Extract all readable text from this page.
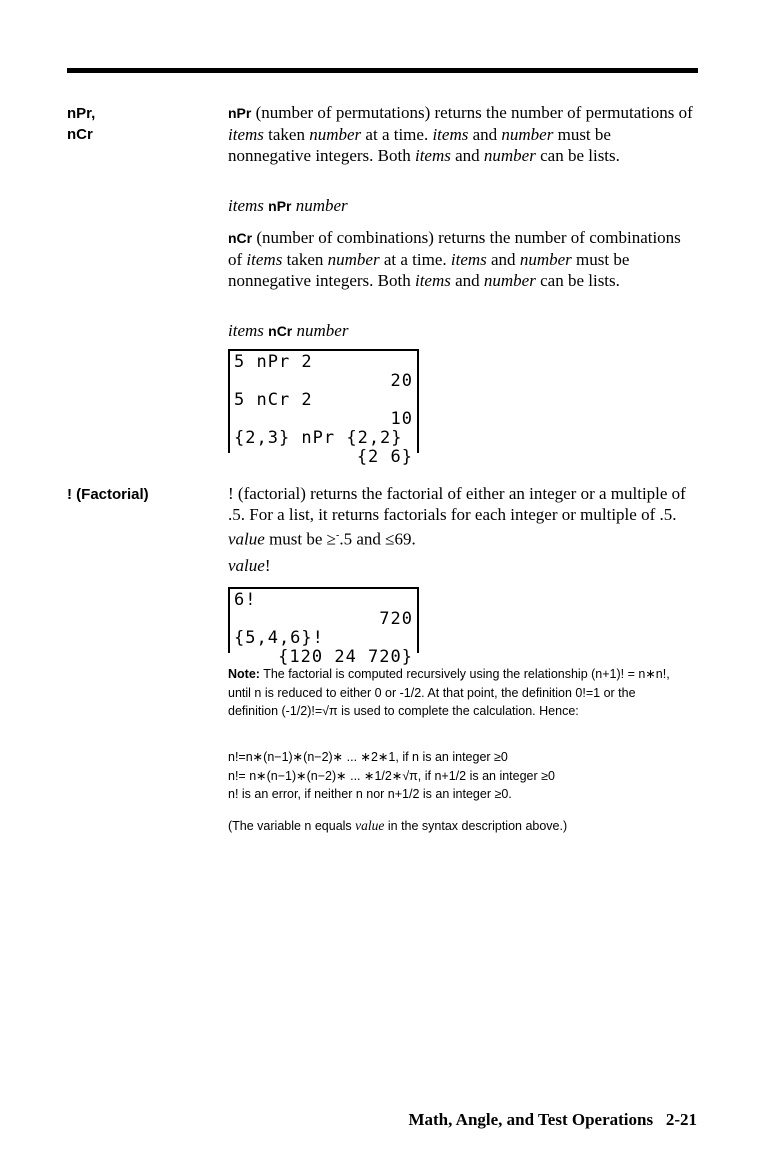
nPr,
nCr
nPr (number of permutations) returns the number of permutations of items taken number at a time. items and number must be nonnegative integers. Both items and number can be lists.
items nPr number
nCr (number of combinations) returns the number of combinations of items taken number at a time. items and number must be nonnegative integers. Both items and number can be lists.
items nCr number
5 nPr 2
20
5 nCr 2
10
{2,3} nPr {2,2}
{2 6}
! (Factorial)	! (factorial) returns the factorial of either an integer or a multiple of .5. For a list, it returns factorials for each integer or multiple of .5. value must be ≥-.5 and ≤69.
value!
6!
720
{5,4,6}!
{120 24 720}
Note: The factorial is computed recursively using the relationship (n+1)! = n∗n!, until n is reduced to either 0 or -1/2. At that point, the definition 0!=1 or the definition (-1/2)!=√π is used to complete the calculation. Hence:
n!=n∗(n−1)∗(n−2)∗ ... ∗2∗1, if n is an integer ≥0
n!= n∗(n−1)∗(n−2)∗ ... ∗1/2∗√π, if n+1/2 is an integer ≥0
n! is an error, if neither n nor n+1/2 is an integer ≥0.
(The variable n equals value in the syntax description above.)
Math, Angle, and Test Operations   2-21
